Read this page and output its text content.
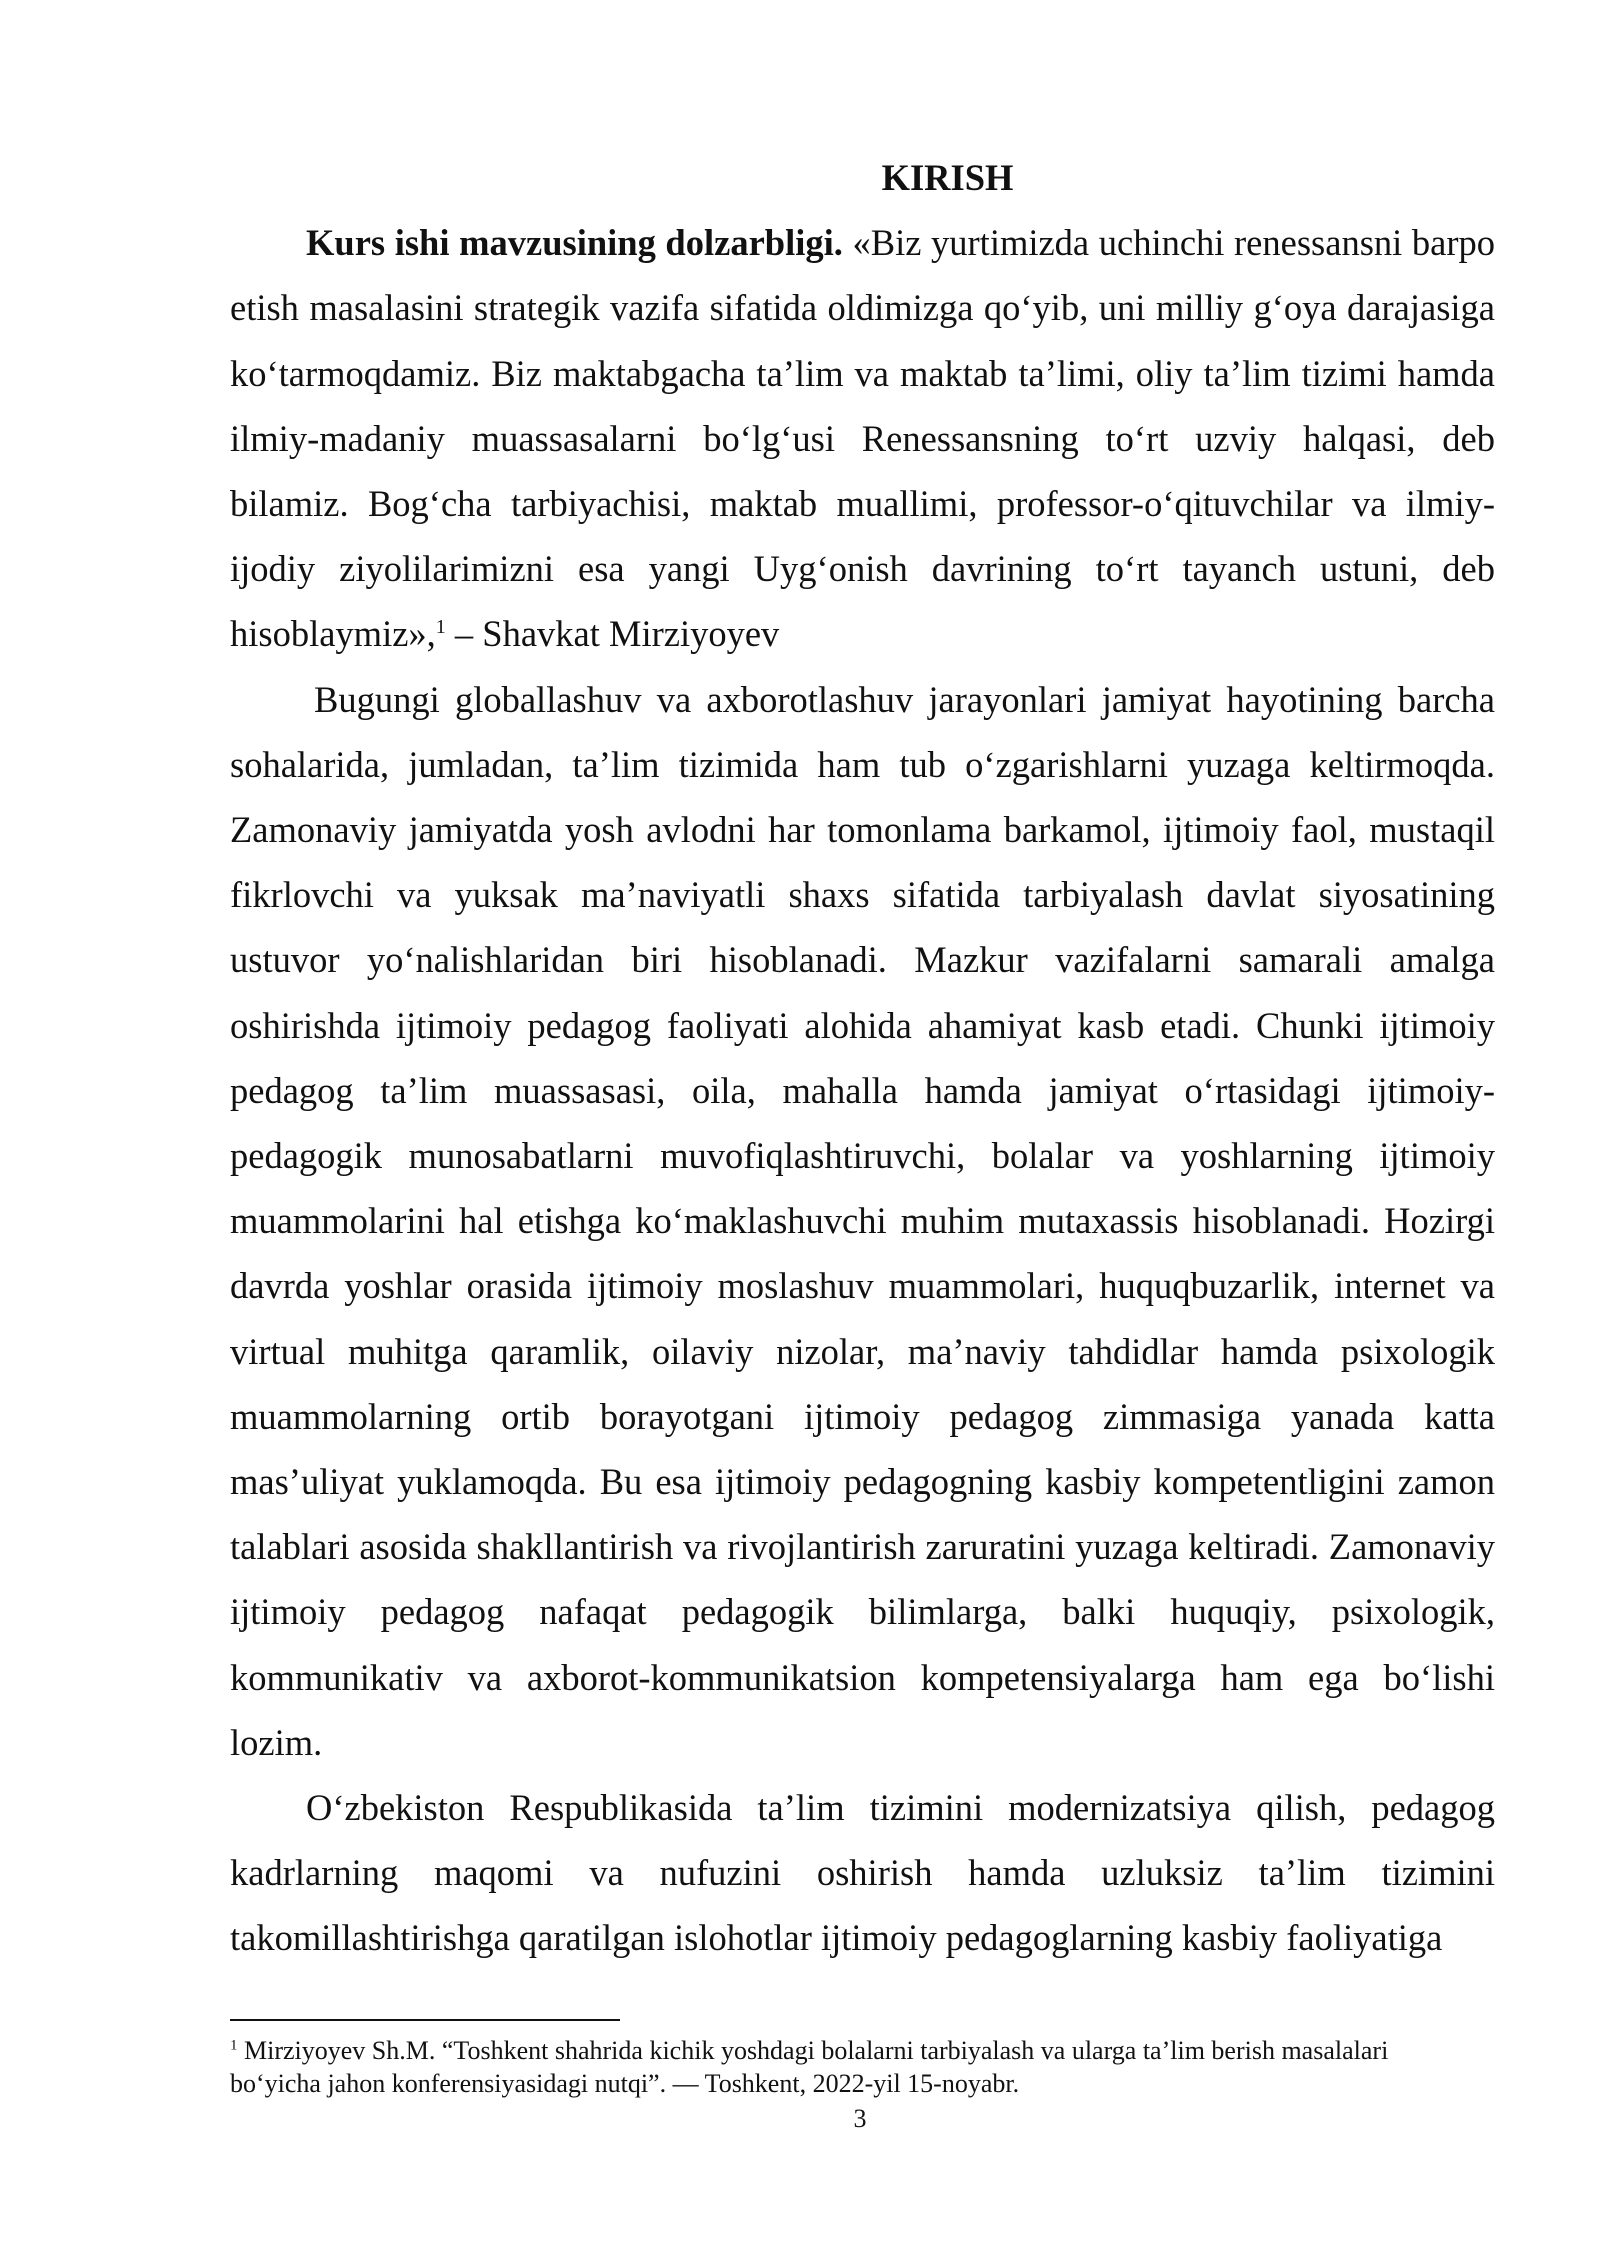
KIRISH

Kurs ishi mavzusining dolzarbligi. «Biz yurtimizda uchinchi renessansni barpo etish masalasini strategik vazifa sifatida oldimizga qo‘yib, uni milliy g‘oya darajasiga ko‘tarmoqdamiz. Biz maktabgacha ta’lim va maktab ta’limi, oliy ta’lim tizimi hamda ilmiy-madaniy muassasalarni bo‘lg‘usi Renessansning to‘rt uzviy halqasi, deb bilamiz. Bog‘cha tarbiyachisi, maktab muallimi, professor-o‘qituvchilar va ilmiy-ijodiy ziyolilarimizni esa yangi Uyg‘onish davrining to‘rt tayanch ustuni, deb hisoblaymiz»,$^1$ – Shavkat Mirziyoyev

Bugungi globallashuv va axborotlashuv jarayonlari jamiyat hayotining barcha sohalarida, jumladan, ta’lim tizimida ham tub o‘zgarishlarni yuzaga keltirmoqda. Zamonaviy jamiyatda yosh avlodni har tomonlama barkamol, ijtimoiy faol, mustaqil fikrlovchi va yuksak ma’naviyatli shaxs sifatida tarbiyalash davlat siyosatining ustuvor yo‘nalishlaridan biri hisoblanadi. Mazkur vazifalarni samarali amalga oshirishda ijtimoiy pedagog faoliyati alohida ahamiyat kasb etadi. Chunki ijtimoiy pedagog ta’lim muassasasi, oila, mahalla hamda jamiyat o‘rtasidagi ijtimoiy-pedagogik munosabatlarni muvofiqlashtiruvchi, bolalar va yoshlarning ijtimoiy muammolarini hal etishga ko‘maklashuvchi muhim mutaxassis hisoblanadi. Hozirgi davrda yoshlar orasida ijtimoiy moslashuv muammolari, huquqbuzarlik, internet va virtual muhitga qaramlik, oilaviy nizolar, ma’naviy tahdidlar hamda psixologik muammolarning ortib borayotgani ijtimoiy pedagog zimmasiga yanada katta mas’uliyat yuklamoqda. Bu esa ijtimoiy pedagogning kasbiy kompetentligini zamon talablari asosida shakllantirish va rivojlantirish zaruratini yuzaga keltiradi. Zamonaviy ijtimoiy pedagog nafaqat pedagogik bilimlarga, balki huquqiy, psixologik, kommunikativ va axborot-kommunikatsion kompetensiyalarga ham ega bo‘lishi lozim.

O‘zbekiston Respublikasida ta’lim tizimini modernizatsiya qilish, pedagog kadrlarning maqomi va nufuzini oshirish hamda uzluksiz ta’lim tizimini takomillashtirishga qaratilgan islohotlar ijtimoiy pedagoglarning kasbiy faoliyatiga

$^1$ Mirziyoyev Sh.M. “Toshkent shahrida kichik yoshdagi bolalarni tarbiyalash va ularga ta’lim berish masalalari bo‘yicha jahon konferensiyasidagi nutqi”. — Toshkent, 2022-yil 15-noyabr.

3
